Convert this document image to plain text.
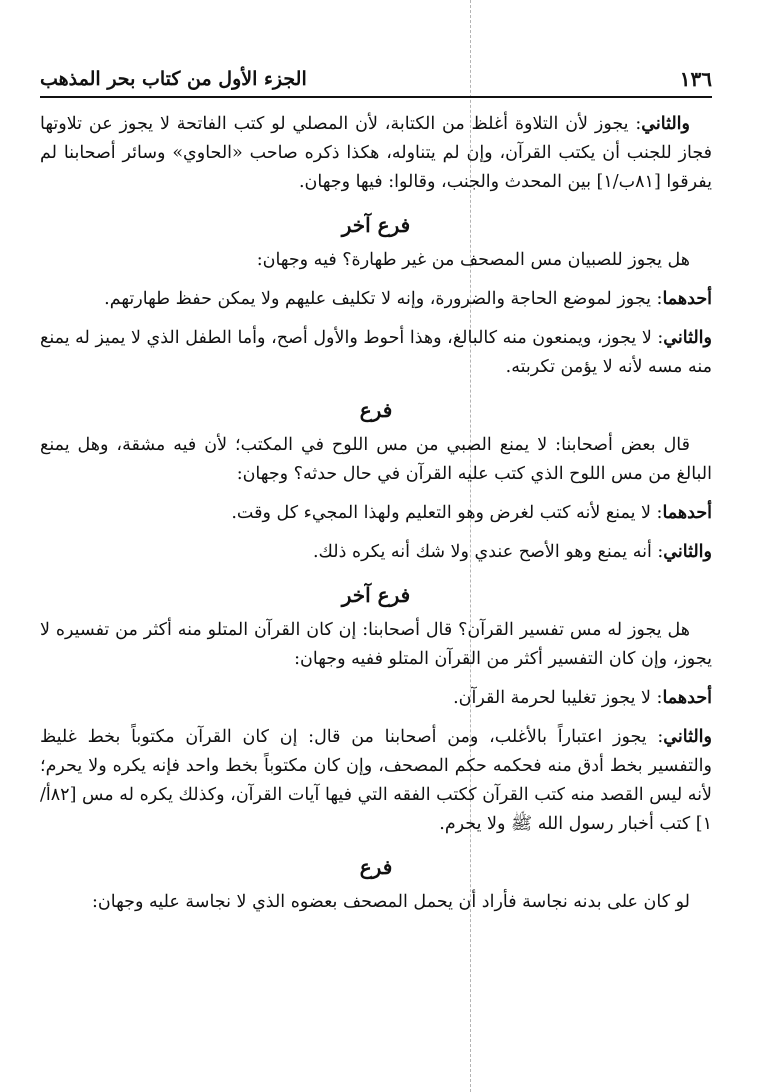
١٣٦
الجزء الأول من كتاب بحر المذهب

والثاني: يجوز لأن التلاوة أغلظ من الكتابة، لأن المصلي لو كتب الفاتحة لا يجوز عن تلاوتها فجاز للجنب أن يكتب القرآن، وإن لم يتناوله، هكذا ذكره صاحب «الحاوي» وسائر أصحابنا لم يفرقوا [٨١ب/١] بين المحدث والجنب، وقالوا: فيها وجهان.

فرع آخر

هل يجوز للصبيان مس المصحف من غير طهارة؟ فيه وجهان:

أحدهما: يجوز لموضع الحاجة والضرورة، وإنه لا تكليف عليهم ولا يمكن حفظ طهارتهم.

والثاني: لا يجوز، ويمنعون منه كالبالغ، وهذا أحوط والأول أصح، وأما الطفل الذي لا يميز له يمنع منه مسه لأنه لا يؤمن تكربته.

فرع

قال بعض أصحابنا: لا يمنع الصبي من مس اللوح في المكتب؛ لأن فيه مشقة، وهل يمنع البالغ من مس اللوح الذي كتب عليه القرآن في حال حدثه؟ وجهان:

أحدهما: لا يمنع لأنه كتب لغرض وهو التعليم ولهذا المجيء كل وقت.

والثاني: أنه يمنع وهو الأصح عندي ولا شك أنه يكره ذلك.

فرع آخر

هل يجوز له مس تفسير القرآن؟ قال أصحابنا: إن كان القرآن المتلو منه أكثر من تفسيره لا يجوز، وإن كان التفسير أكثر من القرآن المتلو ففيه وجهان:

أحدهما: لا يجوز تغليبا لحرمة القرآن.

والثاني: يجوز اعتباراً بالأغلب، ومن أصحابنا من قال: إن كان القرآن مكتوباً بخط غليظ والتفسير بخط أدق منه فحكمه حكم المصحف، وإن كان مكتوباً بخط واحد فإنه يكره ولا يحرم؛ لأنه ليس القصد منه كتب القرآن ككتب الفقه التي فيها آيات القرآن، وكذلك يكره له مس [٨٢أ/١] كتب أخبار رسول الله ﷺ ولا يحرم.

فرع

لو كان على بدنه نجاسة فأراد أن يحمل المصحف بعضوه الذي لا نجاسة عليه وجهان:
